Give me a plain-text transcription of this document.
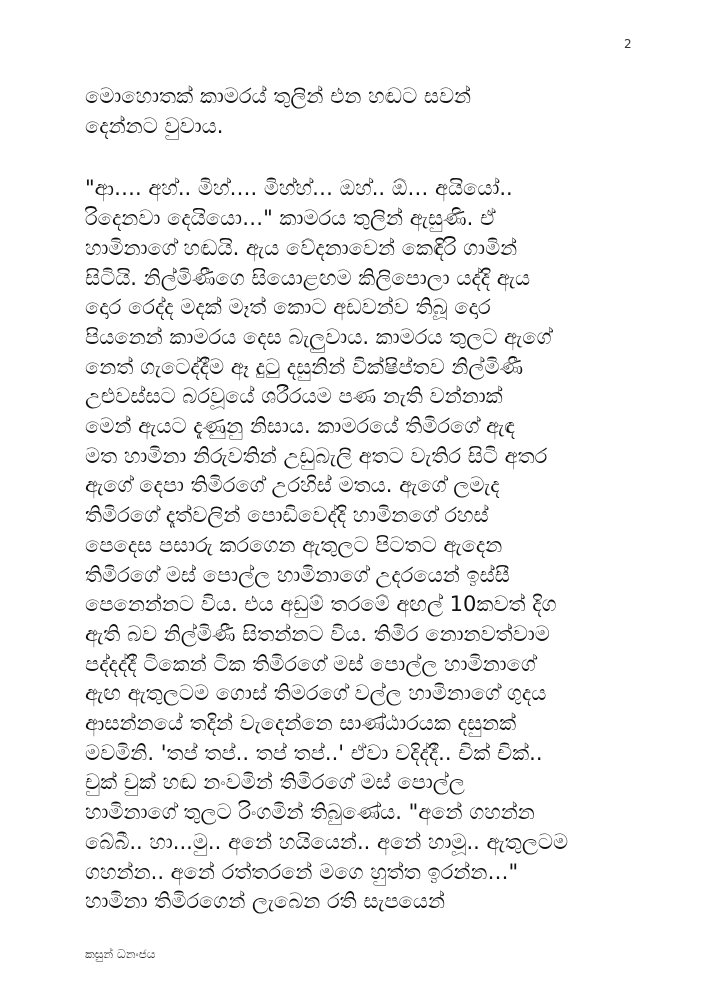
2
මොහොතක් කාමරය් තුලින් එන හඬට සවන්
දෙන්නට වුවාය.
"ආ…. අහ්.. මිහ්…. මිහ්හ්… ඔහ්.. ඕ… අයියෝ..
රිදෙනවා දෙයියො…" කාමරය තුලින් ඇසුණි. ඒ
හාමිනාගේ හඬයි. ඇය වේදනාවෙන් කෙඳිරි ගාමින්
සිටියි. නිල්මිණීගෙ සියොළඟම කිලිපොලා යද්දි ඇය
දොර රෙද්ද මදක් මෑත් කොට අඩවන්ව තිබූ දොර
පියනෙන් කාමරය දෙස බැලුවාය. කාමරය තුලට ඇගේ
නෙත් ගැටෙද්දීම ඈ දුටු දසුනින් වික්ෂිප්තව නිල්මිණී
උළුවස්සට බරවූයේ ශරීරයම පණ නැති වන්නාක්
මෙන් ඇයට දැණුනු නිසාය. කාමරයේ තිමිරගේ ඇඳ
මත හාමිනා නිරුවතින් උඩුබැලි අතට වැතිර සිටි අතර
ඇගේ දෙපා තිමිරගේ උරහිස් මතය. ඇගේ ලමැද
තිමිරගේ දෑත්වලින් පොඩිවෙද්දි හාමිනගේ රහස්
පෙදෙස පසාරු කරගෙන ඇතුලට පිටතට ඇදෙන
තිමිරගේ මස් පොල්ල හාමිනාගේ උදරයෙන් ඉස්සී
පෙනෙන්නට විය. එය අඩුම් තරමේ අඟල් 10කවත් දිග
ඇති බව නිල්මිණී සිතන්නට විය. තිමිර නොනවත්වාම
පද්දද්දී ටිකෙන් ටික තිමිරගේ මස් පොල්ල හාමිනාගේ
ඇඟ ඇතුලටම ගොස් තිමරගේ වල්ල හාමිනාගේ ගුදය
ආසන්නයේ තදින් වැදෙන්නෙ සාණ්ඨාරයක දසුනක්
මවමිනි. 'තප් තප්.. තප් තප්..' ඒවා වදිද්දී.. චික් චික්..
චුක් චුක් හඬ නංවමින් තිමිරගේ මස් පොල්ල
හාමිනාගේ තුලට රිංගමින් තිබුණේය. "අනේ ගහන්න
බේබී.. හා...මු.. අනේ හයියෙන්.. අනේ හාමූ.. ඇතුලටම
ගහන්න.. අනේ රත්තරනේ මගෙ හුත්ත ඉරන්න…"
හාමිනා තිමිරගෙන් ලැබෙන රති සැපයෙන්
කසුන් ධනංජය
